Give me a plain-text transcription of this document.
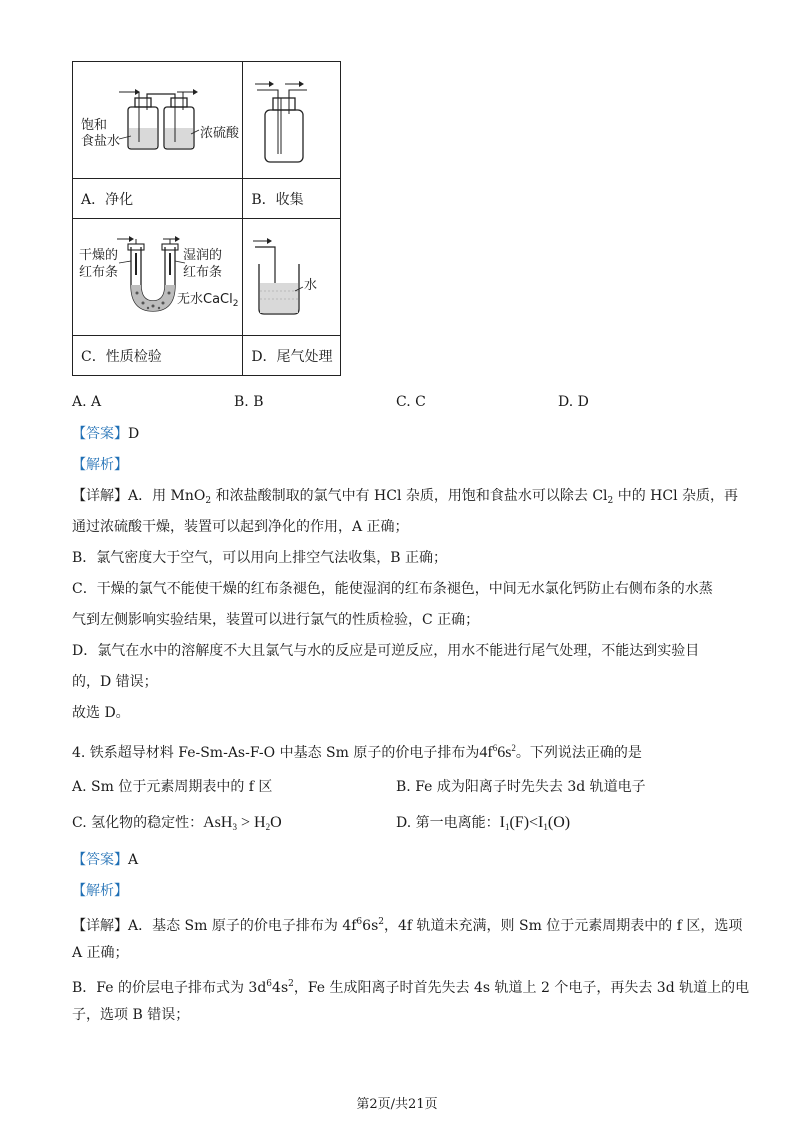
饱和
食盐水
浓硫酸

A．净化	B．收集

干燥的
红布条
湿润的
红布条
无水CaCl$_2$	水

C．性质检验	D．尾气处理
A. A	B. B	C. C	D. D
【答案】D
【解析】
【详解】A．用 MnO$_2$ 和浓盐酸制取的氯气中有 HCl 杂质，用饱和食盐水可以除去 $Cl_2$ 中的 HCl 杂质，再
通过浓硫酸干燥，装置可以起到净化的作用，A 正确；
B．氯气密度大于空气，可以用向上排空气法收集，B 正确；
C．干燥的氯气不能使干燥的红布条褪色，能使湿润的红布条褪色，中间无水氯化钙防止右侧布条的水蒸
气到左侧影响实验结果，装置可以进行氯气的性质检验，C 正确；
D．氯气在水中的溶解度不大且氯气与水的反应是可逆反应，用水不能进行尾气处理，不能达到实验目
的，D 错误；
故选 D。
4. 铁系超导材料 Fe-Sm-As-F-O 中基态 Sm 原子的价电子排布为$4f^66s^2$。下列说法正确的是
A. Sm 位于元素周期表中的 f 区	B. Fe 成为阳离子时先失去 3d 轨道电子
C. 氢化物的稳定性：$AsH_3 > H_2O$	D. 第一电离能：$I_1(F)<I_1(O)$
【答案】A
【解析】
【详解】A．基态 Sm 原子的价电子排布为 $4f^66s^2$，4f 轨道未充满，则 Sm 位于元素周期表中的 f 区，选项
A 正确；
B．Fe 的价层电子排布式为 $3d^64s^2$，Fe 生成阳离子时首先失去 4s 轨道上 2 个电子，再失去 3d 轨道上的电
子，选项 B 错误；
第2页/共21页
